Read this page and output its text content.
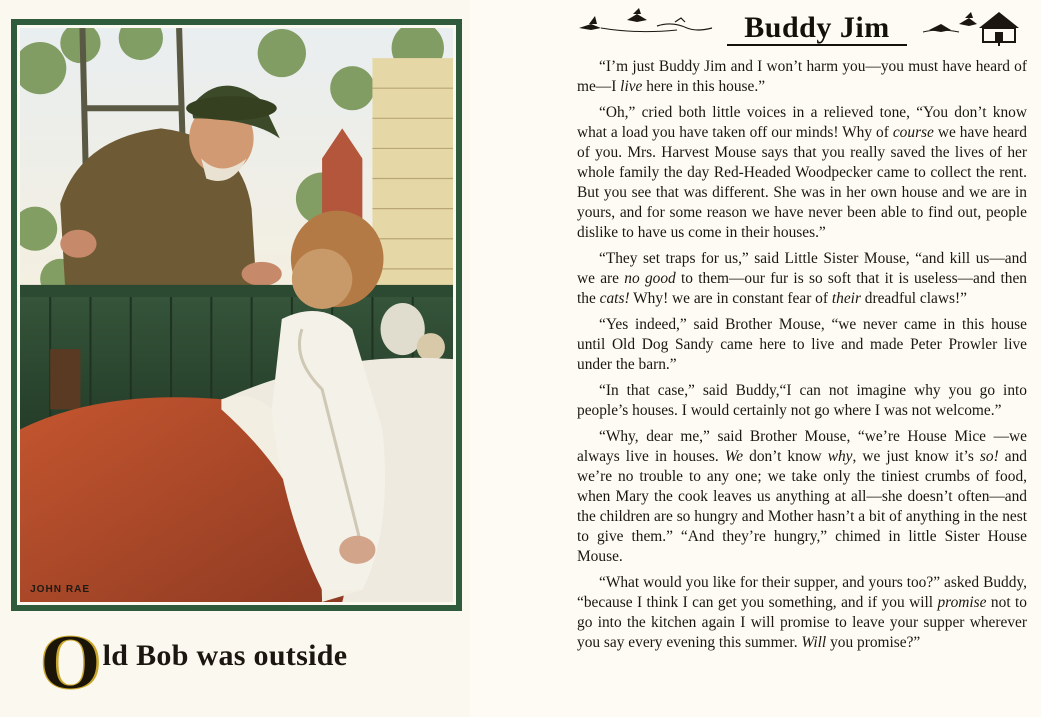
JOHN RAE
O ld Bob was outside
Buddy Jim

“I’m just Buddy Jim and I won’t harm you—you must have heard of me—I live here in this house.”

“Oh,” cried both little voices in a relieved tone, “You don’t know what a load you have taken off our minds! Why of course we have heard of you. Mrs. Harvest Mouse says that you really saved the lives of her whole family the day Red-Headed Woodpecker came to collect the rent. But you see that was different. She was in her own house and we are in yours, and for some reason we have never been able to find out, people dislike to have us come in their houses.”

“They set traps for us,” said Little Sister Mouse, “and kill us—and we are no good to them—our fur is so soft that it is useless—and then the cats! Why! we are in constant fear of their dreadful claws!”

“Yes indeed,” said Brother Mouse, “we never came in this house until Old Dog Sandy came here to live and made Peter Prowler live under the barn.”

“In that case,” said Buddy,“I can not imagine why you go into people’s houses. I would certainly not go where I was not welcome.”

“Why, dear me,” said Brother Mouse, “we’re House Mice —we always live in houses. We don’t know why, we just know it’s so! and we’re no trouble to any one; we take only the tiniest crumbs of food, when Mary the cook leaves us anything at all—she doesn’t often—and the children are so hungry and Mother hasn’t a bit of anything in the nest to give them.” “And they’re hungry,” chimed in little Sister House Mouse.

“What would you like for their supper, and yours too?” asked Buddy, “because I think I can get you something, and if you will promise not to go into the kitchen again I will promise to leave your supper wherever you say every evening this summer. Will you promise?”
